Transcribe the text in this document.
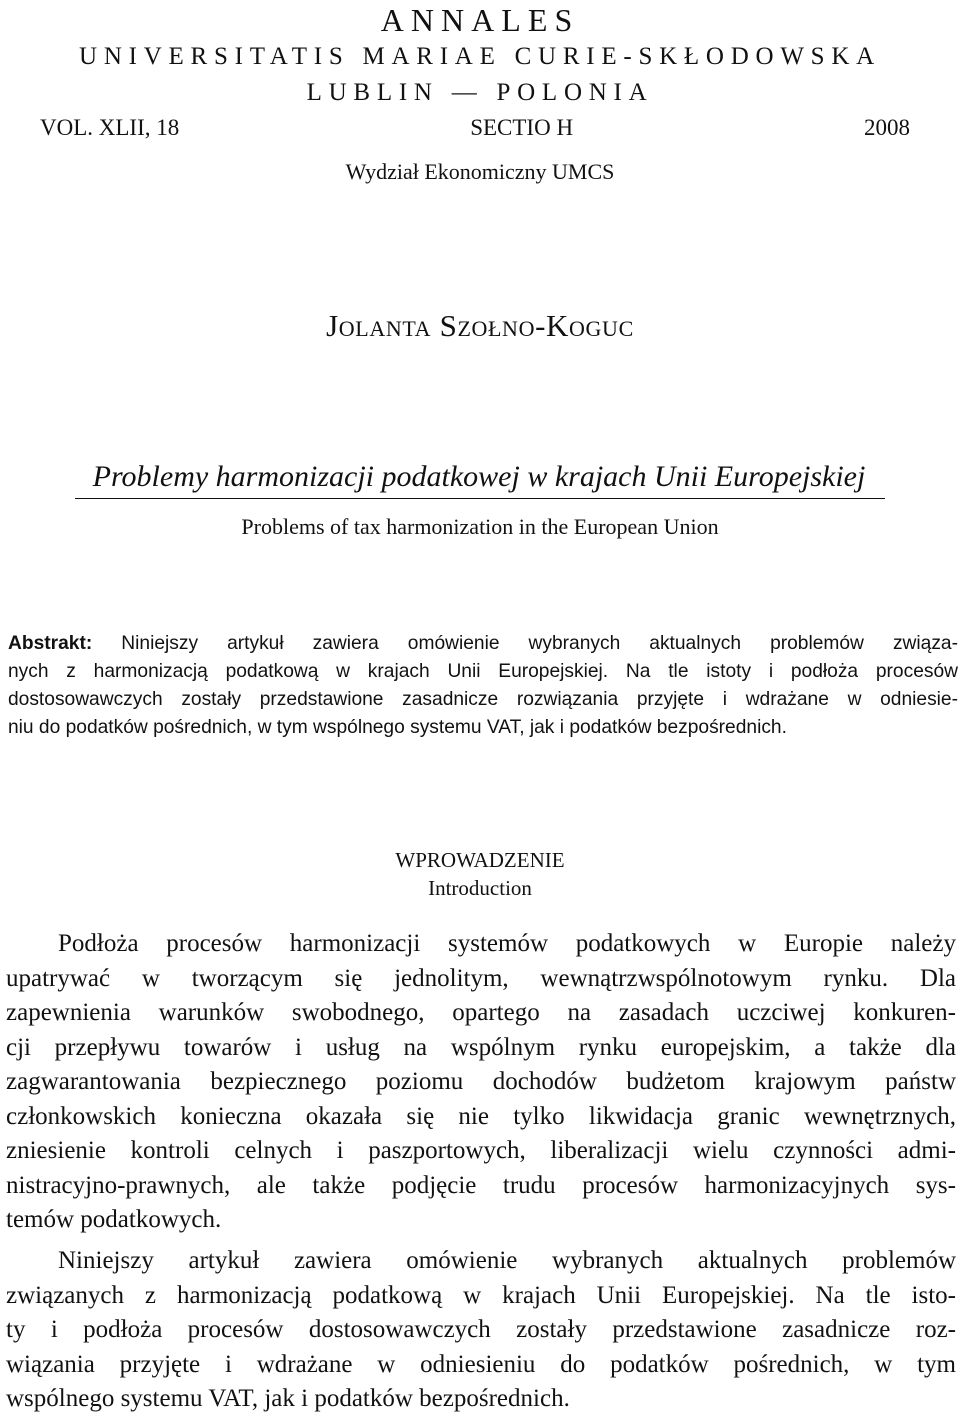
ANNALES
UNIVERSITATIS MARIAE CURIE-SKŁODOWSKA
LUBLIN — POLONIA
VOL. XLII, 18	SECTIO H	2008
Wydział Ekonomiczny UMCS
JOLANTA SZOŁNO-KOGUC
Problemy harmonizacji podatkowej w krajach Unii Europejskiej
Problems of tax harmonization in the European Union
Abstrakt: Niniejszy artykuł zawiera omówienie wybranych aktualnych problemów związa-
nych z harmonizacją podatkową w krajach Unii Europejskiej. Na tle istoty i podłoża procesów
dostosowawczych zostały przedstawione zasadnicze rozwiązania przyjęte i wdrażane w odniesie-
niu do podatków pośrednich, w tym wspólnego systemu VAT, jak i podatków bezpośrednich.
WPROWADZENIE
Introduction
Podłoża procesów harmonizacji systemów podatkowych w Europie należy
upatrywać w tworzącym się jednolitym, wewnątrzwspólnotowym rynku. Dla
zapewnienia warunków swobodnego, opartego na zasadach uczciwej konkuren-
cji przepływu towarów i usług na wspólnym rynku europejskim, a także dla
zagwarantowania bezpiecznego poziomu dochodów budżetom krajowym państw
członkowskich konieczna okazała się nie tylko likwidacja granic wewnętrznych,
zniesienie kontroli celnych i paszportowych, liberalizacji wielu czynności admi-
nistracyjno-prawnych, ale także podjęcie trudu procesów harmonizacyjnych sys-
temów podatkowych.
Niniejszy artykuł zawiera omówienie wybranych aktualnych problemów
związanych z harmonizacją podatkową w krajach Unii Europejskiej. Na tle isto-
ty i podłoża procesów dostosowawczych zostały przedstawione zasadnicze roz-
wiązania przyjęte i wdrażane w odniesieniu do podatków pośrednich, w tym
wspólnego systemu VAT, jak i podatków bezpośrednich.
